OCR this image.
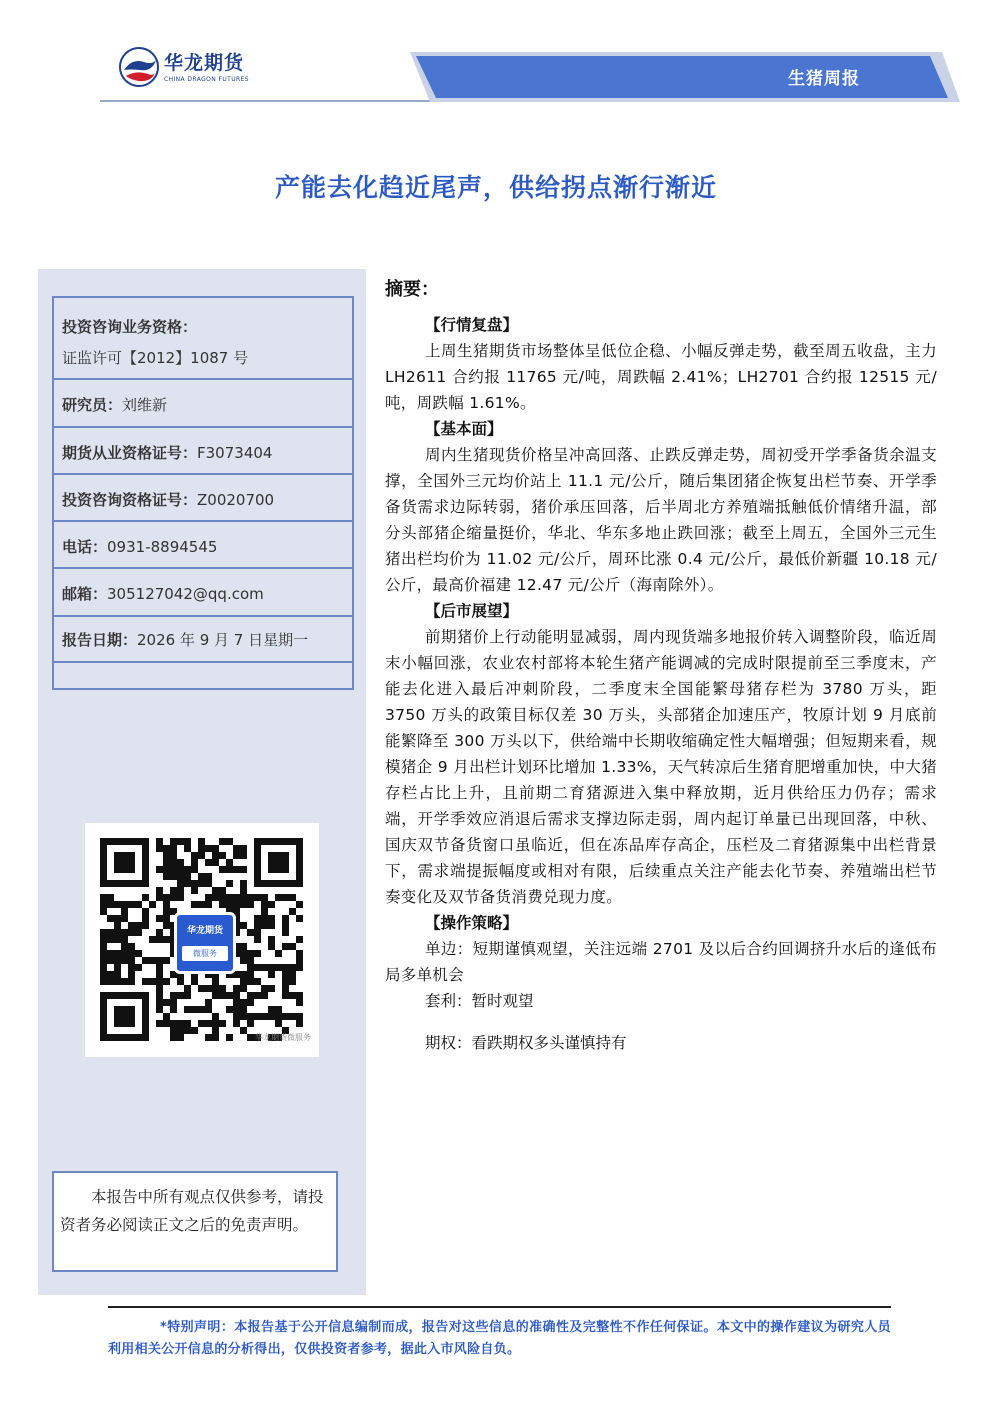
华龙期货
CHINA DRAGON FUTURES	生猪周报
产能去化趋近尾声，供给拐点渐行渐近
投资咨询业务资格：
证监许可【2012】1087 号
研究员：刘维新
期货从业资格证号：F3073404
投资咨询资格证号：Z0020700
电话：0931-8894545
邮箱：305127042@qq.com
报告日期：2026 年 9 月 7 日星期一
华龙期货
微服务
华龙期货微服务
本报告中所有观点仅供参考，请投资者务必阅读正文之后的免责声明。
摘要：
【行情复盘】

上周生猪期货市场整体呈低位企稳、小幅反弹走势，截至周五收盘，主力 LH2611 合约报 11765 元/吨，周跌幅 2.41%；LH2701 合约报 12515 元/吨，周跌幅 1.61%。

【基本面】

周内生猪现货价格呈冲高回落、止跌反弹走势，周初受开学季备货余温支撑，全国外三元均价站上 11.1 元/公斤，随后集团猪企恢复出栏节奏、开学季备货需求边际转弱，猪价承压回落，后半周北方养殖端抵触低价情绪升温，部分头部猪企缩量挺价，华北、华东多地止跌回涨；截至上周五，全国外三元生猪出栏均价为 11.02 元/公斤，周环比涨 0.4 元/公斤，最低价新疆 10.18 元/公斤，最高价福建 12.47 元/公斤（海南除外）。

【后市展望】

前期猪价上行动能明显减弱，周内现货端多地报价转入调整阶段，临近周末小幅回涨，农业农村部将本轮生猪产能调减的完成时限提前至三季度末，产能去化进入最后冲刺阶段，二季度末全国能繁母猪存栏为 3780 万头，距 3750 万头的政策目标仅差 30 万头，头部猪企加速压产，牧原计划 9 月底前能繁降至 300 万头以下，供给端中长期收缩确定性大幅增强；但短期来看，规模猪企 9 月出栏计划环比增加 1.33%，天气转凉后生猪育肥增重加快，中大猪存栏占比上升，且前期二育猪源进入集中释放期，近月供给压力仍存；需求端，开学季效应消退后需求支撑边际走弱，周内起订单量已出现回落，中秋、国庆双节备货窗口虽临近，但在冻品库存高企，压栏及二育猪源集中出栏背景下，需求端提振幅度或相对有限，后续重点关注产能去化节奏、养殖端出栏节奏变化及双节备货消费兑现力度。

【操作策略】

单边：短期谨慎观望，关注远端 2701 及以后合约回调挤升水后的逢低布局多单机会

套利：暂时观望

期权：看跌期权多头谨慎持有

*特别声明：本报告基于公开信息编制而成，报告对这些信息的准确性及完整性不作任何保证。本文中的操作建议为研究人员利用相关公开信息的分析得出，仅供投资者参考，据此入市风险自负。
